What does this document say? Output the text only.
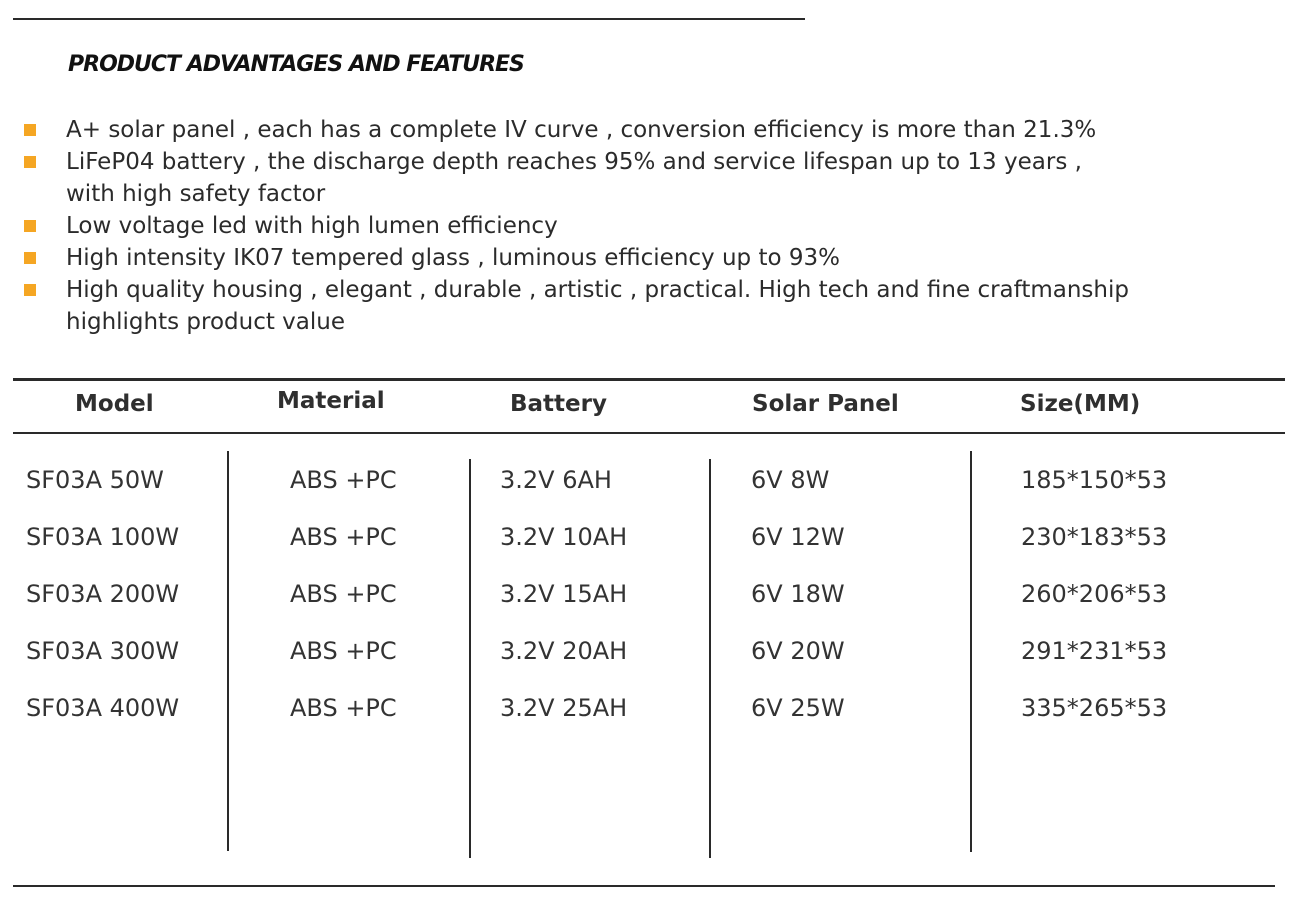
PRODUCT ADVANTAGES AND FEATURES
A+ solar panel , each has a complete IV curve , conversion efficiency is more than 21.3%
LiFeP04 battery , the discharge depth reaches 95% and service lifespan up to 13 years ,
with high safety factor
Low voltage led with high lumen efficiency
High intensity IK07 tempered glass , luminous efficiency up to 93%
High quality housing , elegant , durable , artistic , practical. High tech and fine craftmanship
highlights product value
Model	Material	Battery	Solar Panel	Size(MM)
SF03A 50W	ABS +PC	3.2V 6AH	6V 8W	185*150*53
SF03A 100W	ABS +PC	3.2V 10AH	6V 12W	230*183*53
SF03A 200W	ABS +PC	3.2V 15AH	6V 18W	260*206*53
SF03A 300W	ABS +PC	3.2V 20AH	6V 20W	291*231*53
SF03A 400W	ABS +PC	3.2V 25AH	6V 25W	335*265*53
